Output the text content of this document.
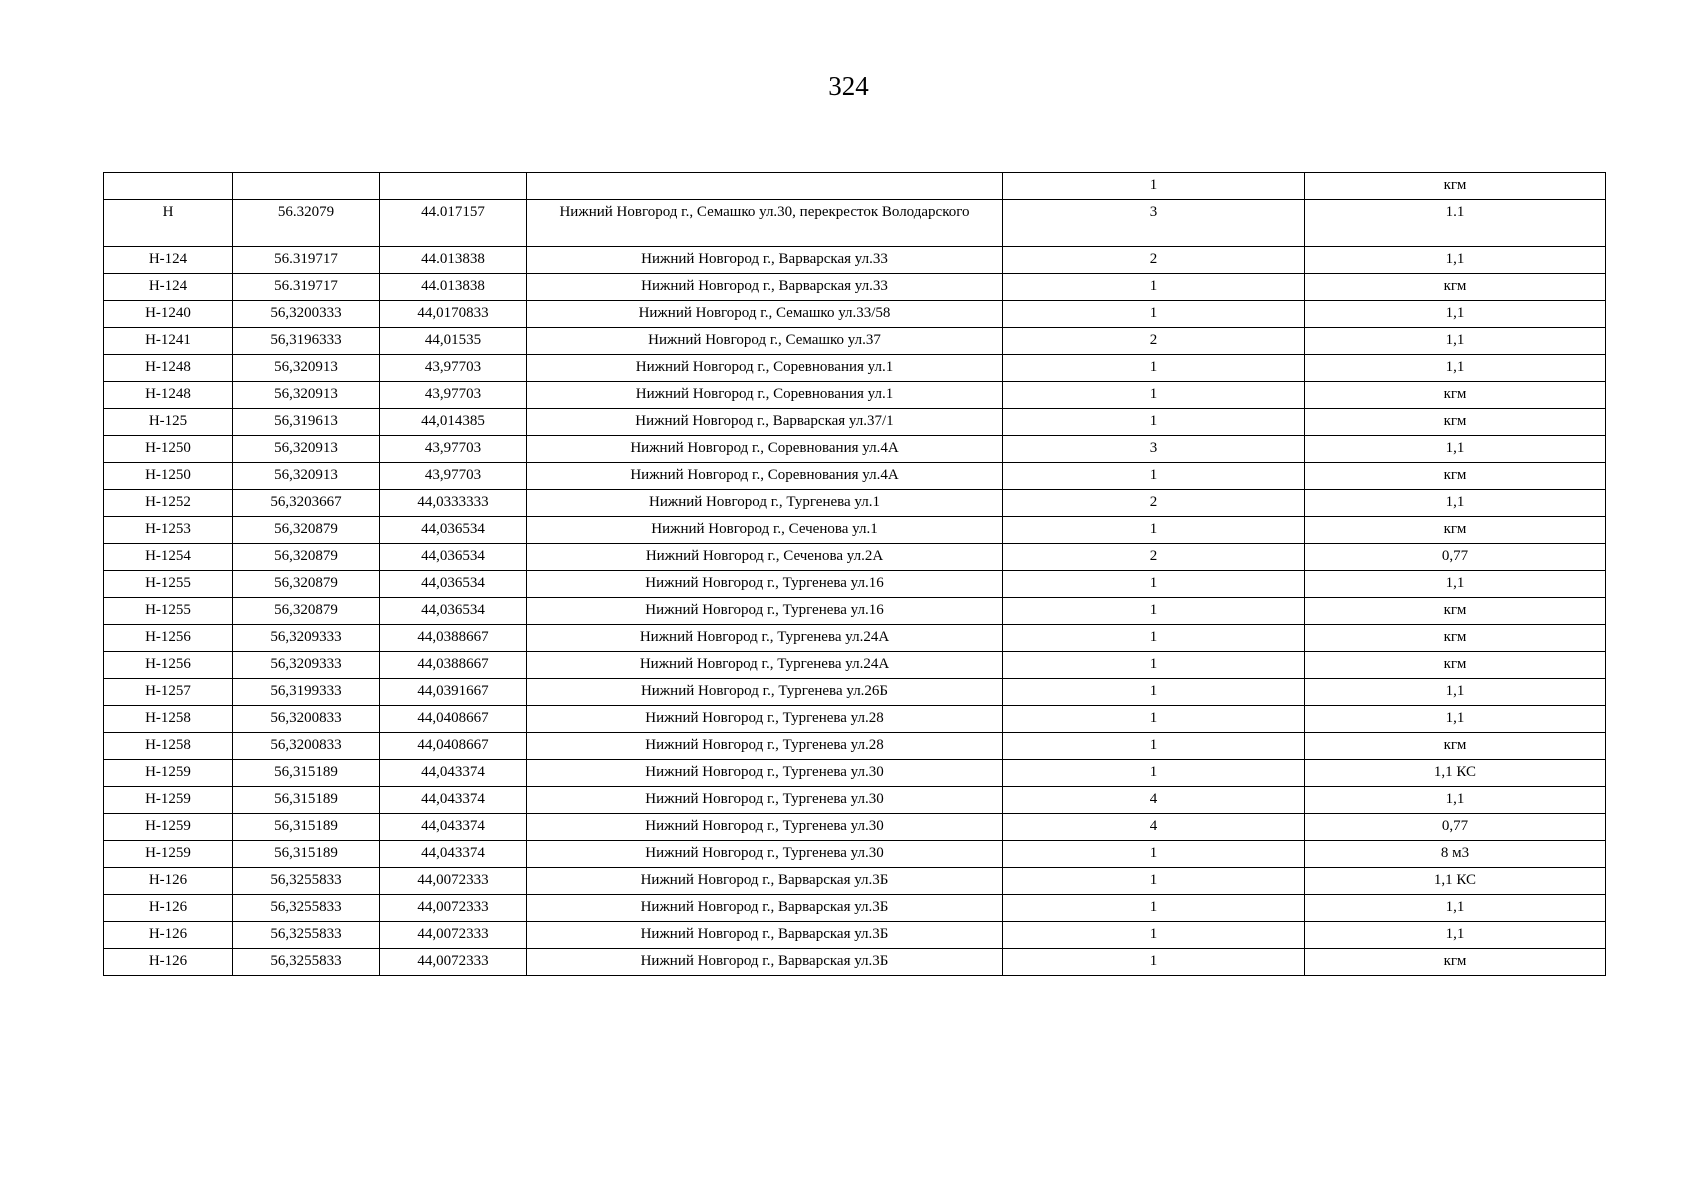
324
				1	кгм
Н	56.32079	44.017157	Нижний Новгород г., Семашко ул.30, перекресток Володарского	3	1.1
Н-124	56.319717	44.013838	Нижний Новгород г., Варварская ул.33	2	1,1
Н-124	56.319717	44.013838	Нижний Новгород г., Варварская ул.33	1	кгм
Н-1240	56,3200333	44,0170833	Нижний Новгород г., Семашко ул.33/58	1	1,1
Н-1241	56,3196333	44,01535	Нижний Новгород г., Семашко ул.37	2	1,1
Н-1248	56,320913	43,97703	Нижний Новгород г., Соревнования ул.1	1	1,1
Н-1248	56,320913	43,97703	Нижний Новгород г., Соревнования ул.1	1	кгм
Н-125	56,319613	44,014385	Нижний Новгород г., Варварская ул.37/1	1	кгм
Н-1250	56,320913	43,97703	Нижний Новгород г., Соревнования ул.4А	3	1,1
Н-1250	56,320913	43,97703	Нижний Новгород г., Соревнования ул.4А	1	кгм
Н-1252	56,3203667	44,0333333	Нижний Новгород г., Тургенева ул.1	2	1,1
Н-1253	56,320879	44,036534	Нижний Новгород г., Сеченова ул.1	1	кгм
Н-1254	56,320879	44,036534	Нижний Новгород г., Сеченова ул.2А	2	0,77
Н-1255	56,320879	44,036534	Нижний Новгород г., Тургенева ул.16	1	1,1
Н-1255	56,320879	44,036534	Нижний Новгород г., Тургенева ул.16	1	кгм
Н-1256	56,3209333	44,0388667	Нижний Новгород г., Тургенева ул.24А	1	кгм
Н-1256	56,3209333	44,0388667	Нижний Новгород г., Тургенева ул.24А	1	кгм
Н-1257	56,3199333	44,0391667	Нижний Новгород г., Тургенева ул.26Б	1	1,1
Н-1258	56,3200833	44,0408667	Нижний Новгород г., Тургенева ул.28	1	1,1
Н-1258	56,3200833	44,0408667	Нижний Новгород г., Тургенева ул.28	1	кгм
Н-1259	56,315189	44,043374	Нижний Новгород г., Тургенева ул.30	1	1,1 КС
Н-1259	56,315189	44,043374	Нижний Новгород г., Тургенева ул.30	4	1,1
Н-1259	56,315189	44,043374	Нижний Новгород г., Тургенева ул.30	4	0,77
Н-1259	56,315189	44,043374	Нижний Новгород г., Тургенева ул.30	1	8 м3
Н-126	56,3255833	44,0072333	Нижний Новгород г., Варварская ул.3Б	1	1,1 КС
Н-126	56,3255833	44,0072333	Нижний Новгород г., Варварская ул.3Б	1	1,1
Н-126	56,3255833	44,0072333	Нижний Новгород г., Варварская ул.3Б	1	1,1
Н-126	56,3255833	44,0072333	Нижний Новгород г., Варварская ул.3Б	1	кгм
